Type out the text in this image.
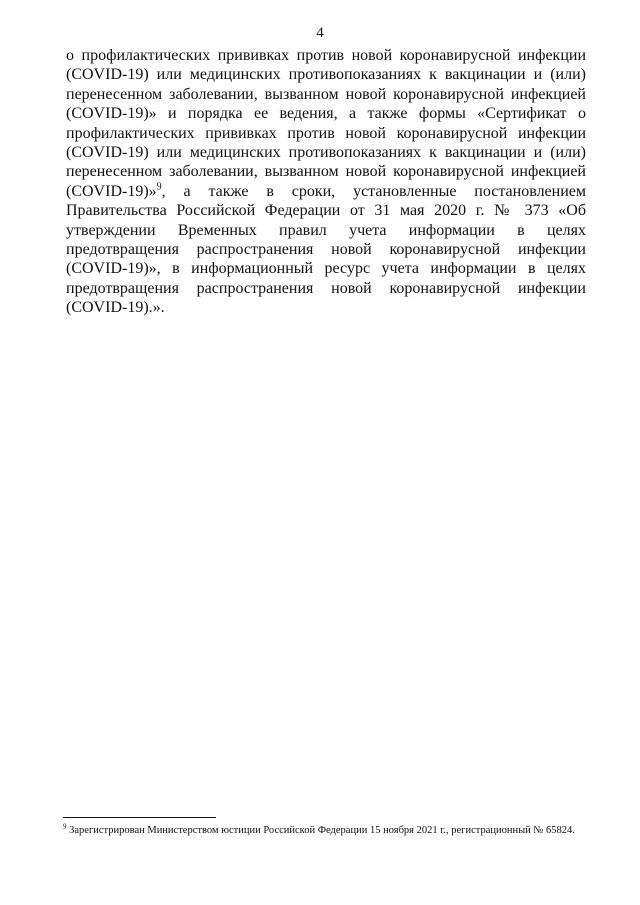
4
о профилактических прививках против новой коронавирусной инфекции (COVID-19) или медицинских противопоказаниях к вакцинации и (или) перенесенном заболевании, вызванном новой коронавирусной инфекцией (COVID-19)» и порядка ее ведения, а также формы «Сертификат о профилактических прививках против новой коронавирусной инфекции (COVID-19) или медицинских противопоказаниях к вакцинации и (или) перенесенном заболевании, вызванном новой коронавирусной инфекцией (COVID-19)»$^9$, а также в сроки, установленные постановлением Правительства Российской Федерации от 31 мая 2020 г. № 373 «Об утверждении Временных правил учета информации в целях предотвращения распространения новой коронавирусной инфекции (COVID-19)», в информационный ресурс учета информации в целях предотвращения распространения новой коронавирусной инфекции (COVID-19).».
$^9$ Зарегистрирован Министерством юстиции Российской Федерации 15 ноября 2021 г., регистрационный № 65824.
